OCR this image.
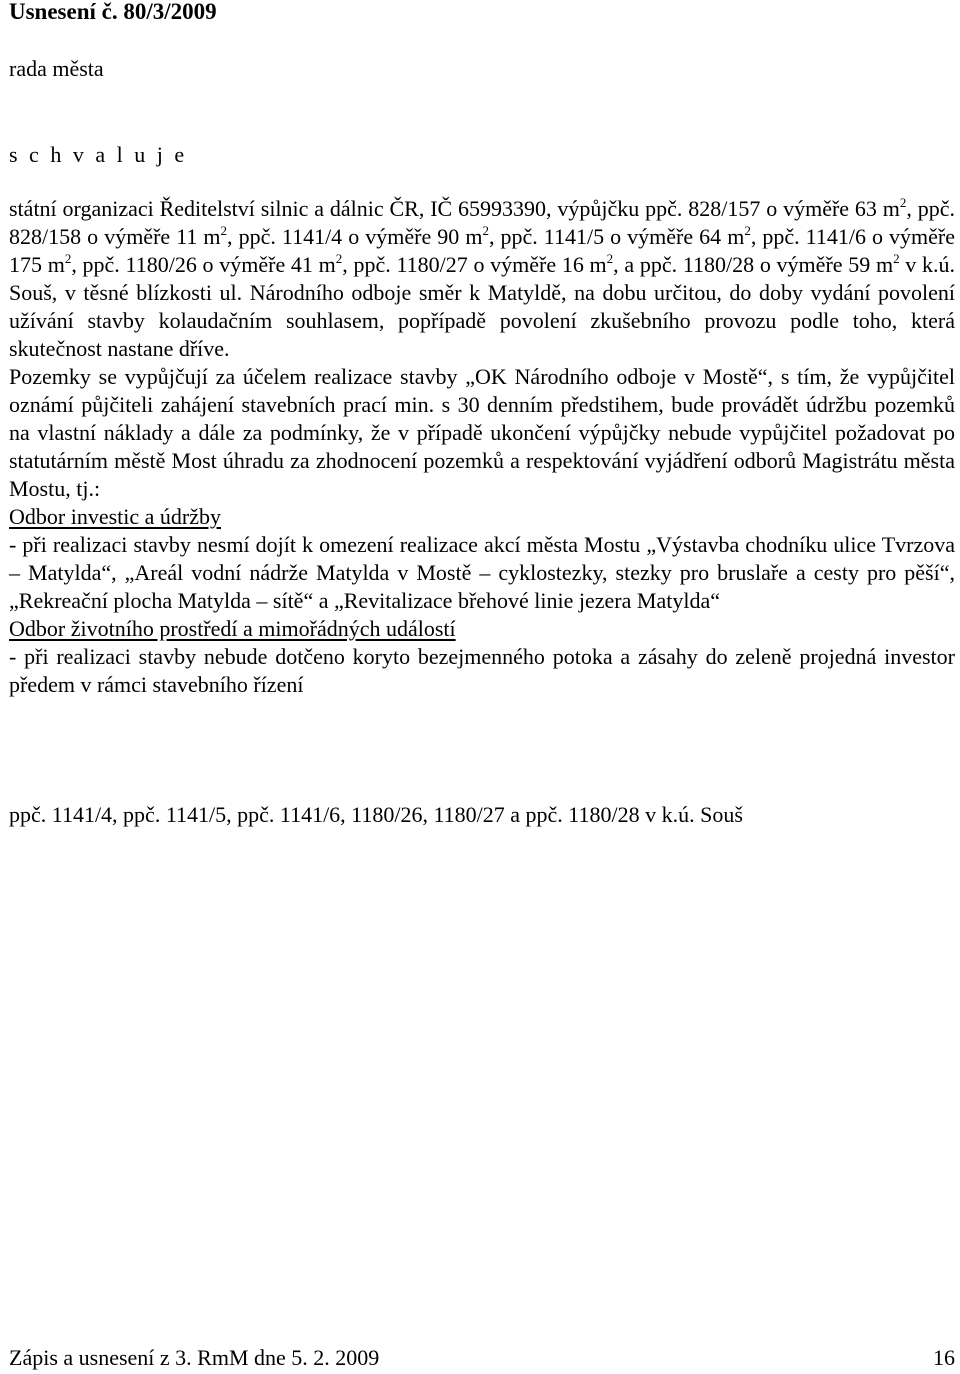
Usnesení č. 80/3/2009
rada města
s c h v a l u j e

státní organizaci Ředitelství silnic a dálnic ČR, IČ 65993390, výpůjčku ppč. 828/157 o výměře 63 $m^2$, ppč. 828/158 o výměře 11 $m^2$, ppč. 1141/4 o výměře 90 $m^2$, ppč. 1141/5 o výměře 64 $m^2$, ppč. 1141/6 o výměře 175 $m^2$, ppč. 1180/26 o výměře 41 $m^2$, ppč. 1180/27 o výměře 16 $m^2$, a ppč. 1180/28 o výměře 59 $m^2$ v k.ú. Souš, v těsné blízkosti ul. Národního odboje směr k Matyldě, na dobu určitou, do doby vydání povolení užívání stavby kolaudačním souhlasem, popřípadě povolení zkušebního provozu podle toho, která skutečnost nastane dříve.

Pozemky se vypůjčují za účelem realizace stavby „OK Národního odboje v Mostě“, s tím, že vypůjčitel oznámí půjčiteli zahájení stavebních prací min. s 30 denním předstihem, bude provádět údržbu pozemků na vlastní náklady a dále za podmínky, že v případě ukončení výpůjčky nebude vypůjčitel požadovat po statutárním městě Most úhradu za zhodnocení pozemků a respektování vyjádření odborů Magistrátu města Mostu, tj.:

Odbor investic a údržby

- při realizaci stavby nesmí dojít k omezení realizace akcí města Mostu „Výstavba chodníku ulice Tvrzova – Matylda“, „Areál vodní nádrže Matylda v Mostě – cyklostezky, stezky pro bruslaře a cesty pro pěší“, „Rekreační plocha Matylda – sítě“ a „Revitalizace břehové linie jezera Matylda“

Odbor životního prostředí a mimořádných událostí

- při realizaci stavby nebude dotčeno koryto bezejmenného potoka a zásahy do zeleně projedná investor předem v rámci stavebního řízení

ppč. 1141/4, ppč. 1141/5, ppč. 1141/6, 1180/26, 1180/27 a ppč. 1180/28 v k.ú. Souš
Zápis a usnesení z 3. RmM dne 5. 2. 2009	16
